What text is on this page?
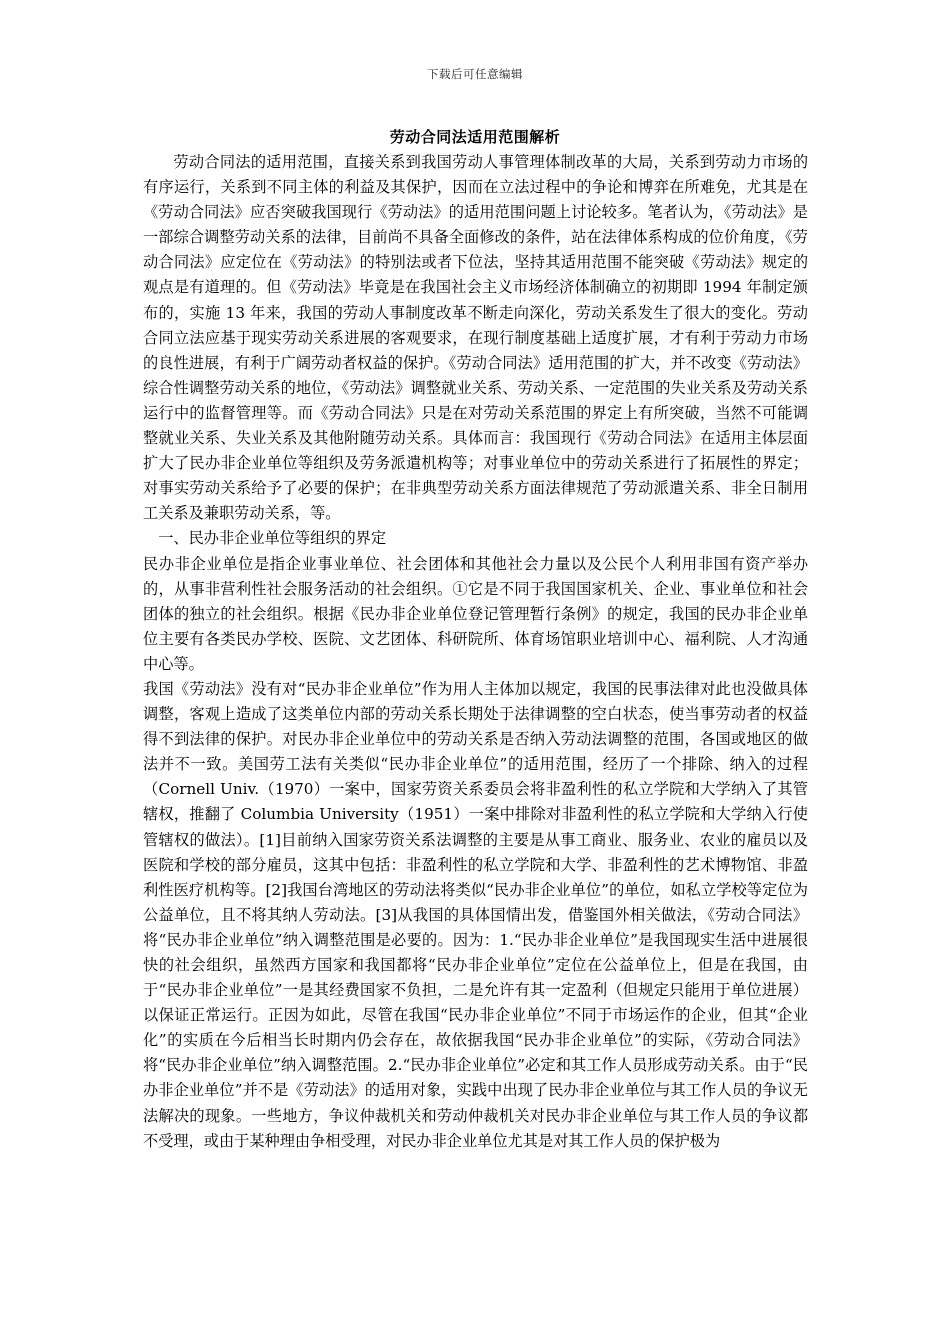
下载后可任意编辑
劳动合同法适用范围解析

劳动合同法的适用范围，直接关系到我国劳动人事管理体制改革的大局，关系到劳动力市场的有序运行，关系到不同主体的利益及其保护，因而在立法过程中的争论和博弈在所难免，尤其是在《劳动合同法》应否突破我国现行《劳动法》的适用范围问题上讨论较多。笔者认为，《劳动法》是一部综合调整劳动关系的法律，目前尚不具备全面修改的条件，站在法律体系构成的位价角度，《劳动合同法》应定位在《劳动法》的特别法或者下位法，坚持其适用范围不能突破《劳动法》规定的观点是有道理的。但《劳动法》毕竟是在我国社会主义市场经济体制确立的初期即 1994 年制定颁布的，实施 13 年来，我国的劳动人事制度改革不断走向深化，劳动关系发生了很大的变化。劳动合同立法应基于现实劳动关系进展的客观要求，在现行制度基础上适度扩展，才有利于劳动力市场的良性进展，有利于广阔劳动者权益的保护。《劳动合同法》适用范围的扩大，并不改变《劳动法》综合性调整劳动关系的地位，《劳动法》调整就业关系、劳动关系、一定范围的失业关系及劳动关系运行中的监督管理等。而《劳动合同法》只是在对劳动关系范围的界定上有所突破，当然不可能调整就业关系、失业关系及其他附随劳动关系。具体而言：我国现行《劳动合同法》在适用主体层面扩大了民办非企业单位等组织及劳务派遣机构等；对事业单位中的劳动关系进行了拓展性的界定；对事实劳动关系给予了必要的保护；在非典型劳动关系方面法律规范了劳动派遣关系、非全日制用工关系及兼职劳动关系，等。

一、民办非企业单位等组织的界定

民办非企业单位是指企业事业单位、社会团体和其他社会力量以及公民个人利用非国有资产举办的，从事非营利性社会服务活动的社会组织。①它是不同于我国国家机关、企业、事业单位和社会团体的独立的社会组织。根据《民办非企业单位登记管理暂行条例》的规定，我国的民办非企业单位主要有各类民办学校、医院、文艺团体、科研院所、体育场馆职业培训中心、福利院、人才沟通中心等。

我国《劳动法》没有对“民办非企业单位”作为用人主体加以规定，我国的民事法律对此也没做具体调整，客观上造成了这类单位内部的劳动关系长期处于法律调整的空白状态，使当事劳动者的权益得不到法律的保护。对民办非企业单位中的劳动关系是否纳入劳动法调整的范围，各国或地区的做法并不一致。美国劳工法有关类似“民办非企业单位”的适用范围，经历了一个排除、纳入的过程（Cornell Univ.（1970）一案中，国家劳资关系委员会将非盈利性的私立学院和大学纳入了其管辖权，推翻了 Columbia University（1951）一案中排除对非盈利性的私立学院和大学纳入行使管辖权的做法）。[1]目前纳入国家劳资关系法调整的主要是从事工商业、服务业、农业的雇员以及医院和学校的部分雇员，这其中包括：非盈利性的私立学院和大学、非盈利性的艺术博物馆、非盈利性医疗机构等。[2]我国台湾地区的劳动法将类似“民办非企业单位”的单位，如私立学校等定位为公益单位，且不将其纳人劳动法。[3]从我国的具体国情出发，借鉴国外相关做法，《劳动合同法》将“民办非企业单位”纳入调整范围是必要的。因为：1.“民办非企业单位”是我国现实生活中进展很快的社会组织，虽然西方国家和我国都将“民办非企业单位”定位在公益单位上，但是在我国，由于“民办非企业单位”一是其经费国家不负担，二是允许有其一定盈利（但规定只能用于单位进展）以保证正常运行。正因为如此，尽管在我国“民办非企业单位”不同于市场运作的企业，但其“企业化”的实质在今后相当长时期内仍会存在，故依据我国“民办非企业单位”的实际，《劳动合同法》将“民办非企业单位”纳入调整范围。2.“民办非企业单位”必定和其工作人员形成劳动关系。由于“民办非企业单位”并不是《劳动法》的适用对象，实践中出现了民办非企业单位与其工作人员的争议无法解决的现象。一些地方，争议仲裁机关和劳动仲裁机关对民办非企业单位与其工作人员的争议都不受理，或由于某种理由争相受理，对民办非企业单位尤其是对其工作人员的保护极为
